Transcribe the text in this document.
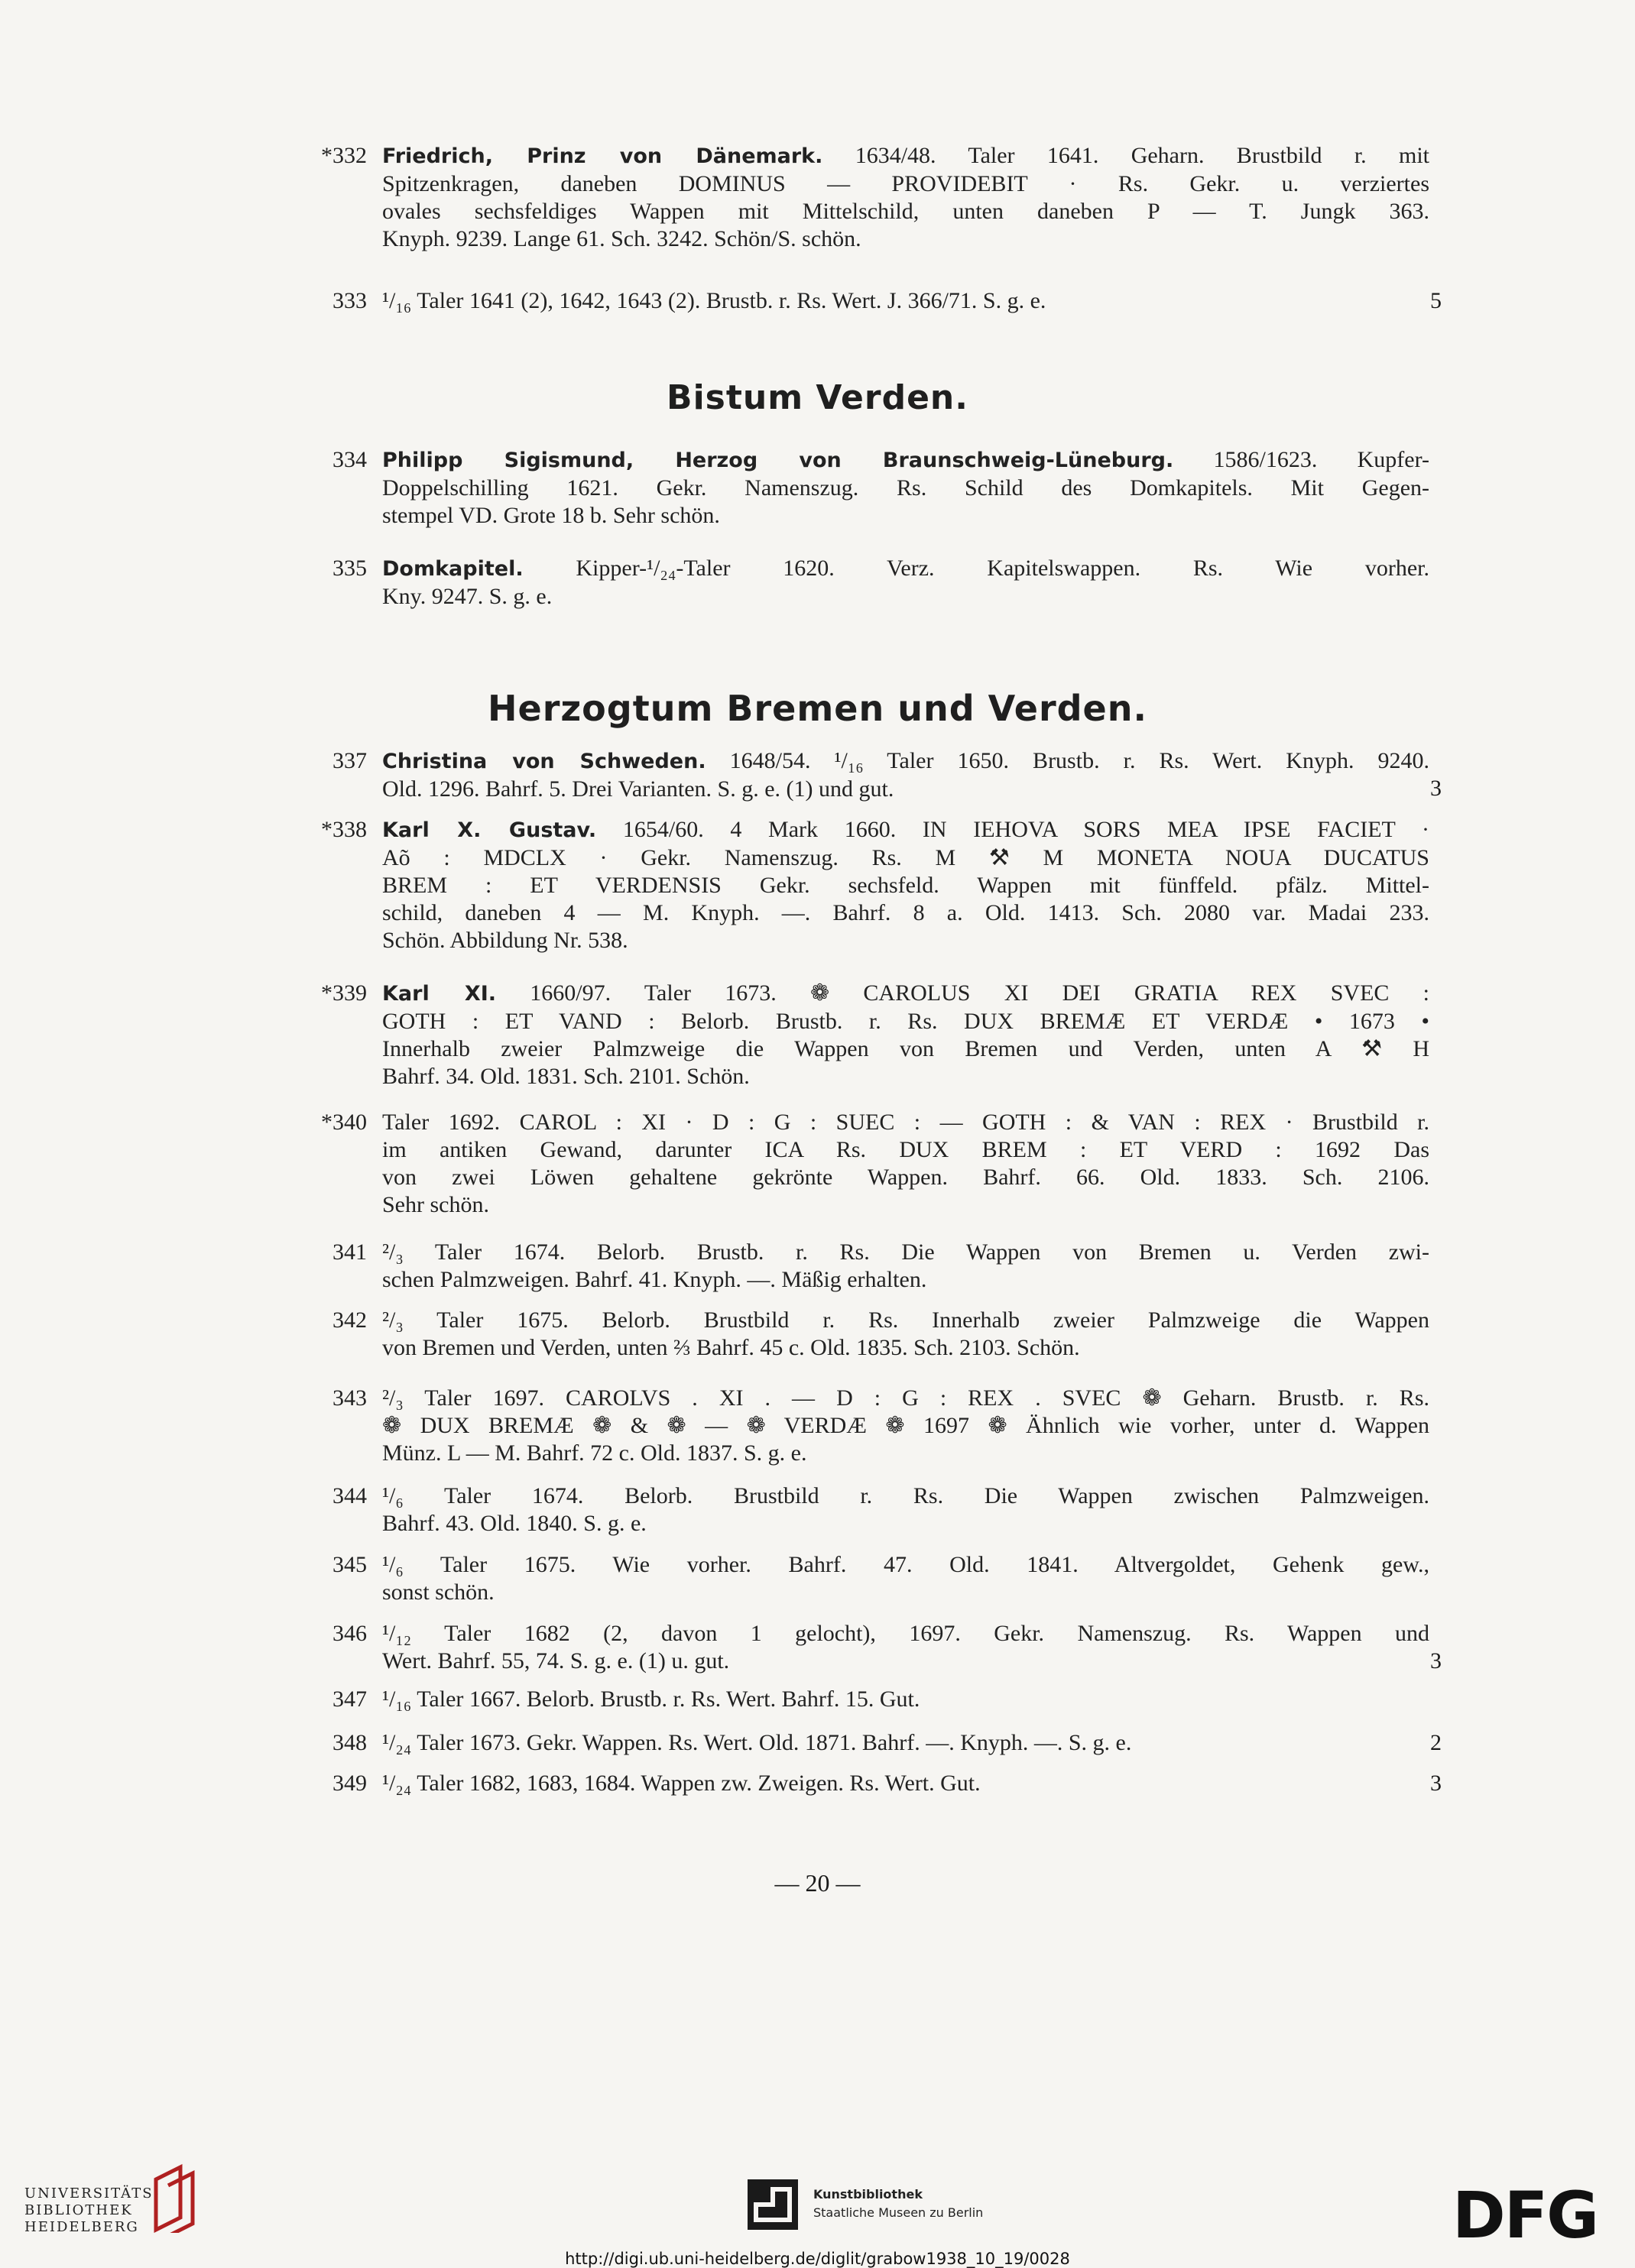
*332 Friedrich, Prinz von Dänemark. 1634/48. Taler 1641. Geharn. Brustbild r. mit
Spitzenkragen, daneben DOMINUS — PROVIDEBIT · Rs. Gekr. u. verziertes
ovales sechsfeldiges Wappen mit Mittelschild, unten daneben P — T. Jungk 363.
Knyph. 9239. Lange 61. Sch. 3242. Schön/S. schön.
333 ¹/₁₆ Taler 1641 (2), 1642, 1643 (2). Brustb. r. Rs. Wert. J. 366/71. S. g. e.	5
Bistum Verden.
334 Philipp Sigismund, Herzog von Braunschweig-Lüneburg. 1586/1623. Kupfer-
Doppelschilling 1621. Gekr. Namenszug. Rs. Schild des Domkapitels. Mit Gegen-
stempel VD. Grote 18 b. Sehr schön.
335 Domkapitel. Kipper-¹/₂₄-Taler 1620. Verz. Kapitelswappen. Rs. Wie vorher.
Kny. 9247. S. g. e.
Herzogtum Bremen und Verden.
337 Christina von Schweden. 1648/54. ¹/₁₆ Taler 1650. Brustb. r. Rs. Wert. Knyph. 9240.
Old. 1296. Bahrf. 5. Drei Varianten. S. g. e. (1) und gut.	3
*338 Karl X. Gustav. 1654/60. 4 Mark 1660. IN IEHOVA SORS MEA IPSE FACIET ·
Aõ : MDCLX · Gekr. Namenszug. Rs. M ⚒ M MONETA NOUA DUCATUS
BREM : ET VERDENSIS Gekr. sechsfeld. Wappen mit fünffeld. pfälz. Mittel-
schild, daneben 4 — M. Knyph. —. Bahrf. 8 a. Old. 1413. Sch. 2080 var. Madai 233.
Schön. Abbildung Nr. 538.
*339 Karl XI. 1660/97. Taler 1673. ❁ CAROLUS XI DEI GRATIA REX SVEC :
GOTH : ET VAND : Belorb. Brustb. r. Rs. DUX BREMÆ ET VERDÆ • 1673 •
Innerhalb zweier Palmzweige die Wappen von Bremen und Verden, unten A ⚒ H
Bahrf. 34. Old. 1831. Sch. 2101. Schön.
*340 Taler 1692. CAROL : XI · D : G : SUEC : — GOTH : & VAN : REX · Brustbild r.
im antiken Gewand, darunter ICA Rs. DUX BREM : ET VERD : 1692 Das
von zwei Löwen gehaltene gekrönte Wappen. Bahrf. 66. Old. 1833. Sch. 2106.
Sehr schön.
341 ²/₃ Taler 1674. Belorb. Brustb. r. Rs. Die Wappen von Bremen u. Verden zwi-
schen Palmzweigen. Bahrf. 41. Knyph. —. Mäßig erhalten.
342 ²/₃ Taler 1675. Belorb. Brustbild r. Rs. Innerhalb zweier Palmzweige die Wappen
von Bremen und Verden, unten ⅔ Bahrf. 45 c. Old. 1835. Sch. 2103. Schön.
343 ²/₃ Taler 1697. CAROLVS . XI . — D : G : REX . SVEC ❁ Geharn. Brustb. r. Rs.
❁ DUX BREMÆ ❁ & ❁ — ❁ VERDÆ ❁ 1697 ❁ Ähnlich wie vorher, unter d. Wappen
Münz. L — M. Bahrf. 72 c. Old. 1837. S. g. e.
344 ¹/₆ Taler 1674. Belorb. Brustbild r. Rs. Die Wappen zwischen Palmzweigen.
Bahrf. 43. Old. 1840. S. g. e.
345 ¹/₆ Taler 1675. Wie vorher. Bahrf. 47. Old. 1841. Altvergoldet, Gehenk gew.,
sonst schön.
346 ¹/₁₂ Taler 1682 (2, davon 1 gelocht), 1697. Gekr. Namenszug. Rs. Wappen und
Wert. Bahrf. 55, 74. S. g. e. (1) u. gut.	3
347 ¹/₁₆ Taler 1667. Belorb. Brustb. r. Rs. Wert. Bahrf. 15. Gut.
348 ¹/₂₄ Taler 1673. Gekr. Wappen. Rs. Wert. Old. 1871. Bahrf. —. Knyph. —. S. g. e.	2
349 ¹/₂₄ Taler 1682, 1683, 1684. Wappen zw. Zweigen. Rs. Wert. Gut.	3
— 20 —
UNIVERSITÄTS-
BIBLIOTHEK
HEIDELBERG
Kunstbibliothek
Staatliche Museen zu Berlin	DFG
http://digi.ub.uni-heidelberg.de/diglit/grabow1938_10_19/0028
